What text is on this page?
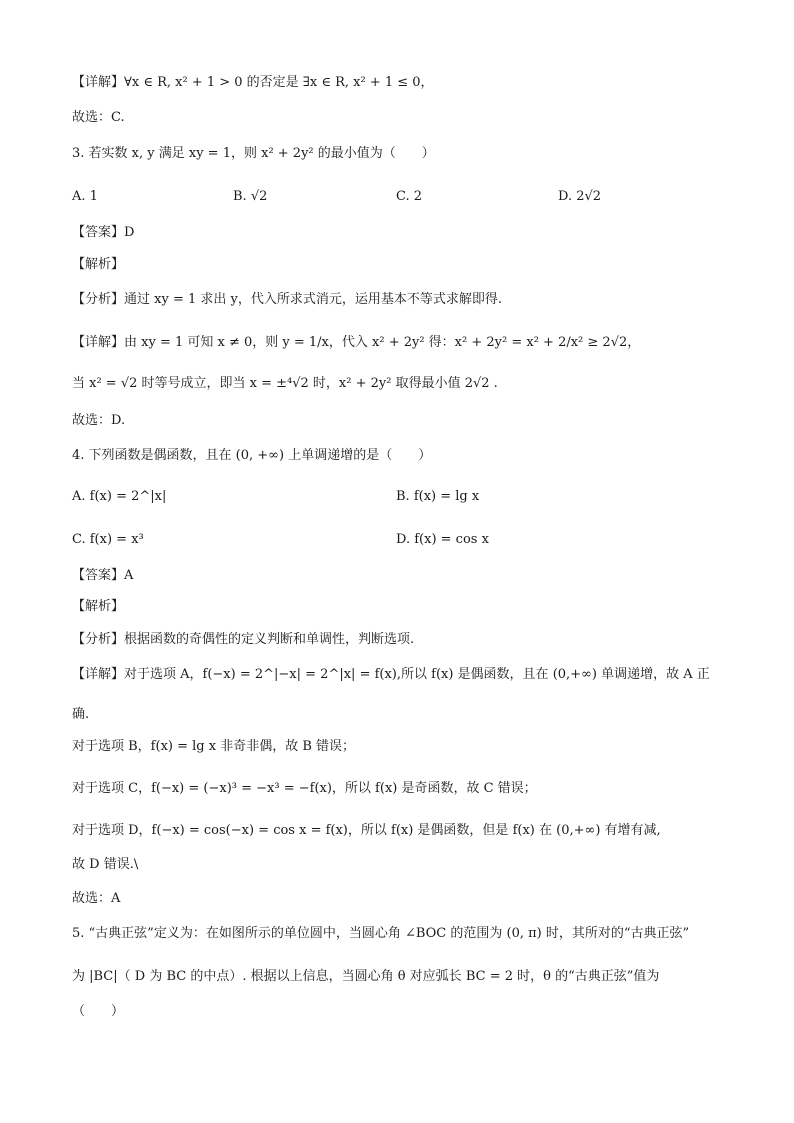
【详解】∀x ∈ R, x² + 1 > 0 的否定是 ∃x ∈ R, x² + 1 ≤ 0，
故选：C.
3. 若实数 x, y 满足 xy = 1，则 x² + 2y² 的最小值为（　　）
A. 1	B. √2	C. 2	D. 2√2
【答案】D
【解析】
【分析】通过 xy = 1 求出 y，代入所求式消元，运用基本不等式求解即得.
【详解】由 xy = 1 可知 x ≠ 0，则 y = 1/x，代入 x² + 2y² 得：x² + 2y² = x² + 2/x² ≥ 2√2，
当 x² = √2 时等号成立，即当 x = ±⁴√2 时，x² + 2y² 取得最小值 2√2 .
故选：D.
4. 下列函数是偶函数，且在 (0, +∞) 上单调递增的是（　　）
A. f(x) = 2^|x|	B. f(x) = lg x
C. f(x) = x³	D. f(x) = cos x
【答案】A
【解析】
【分析】根据函数的奇偶性的定义判断和单调性，判断选项.
【详解】对于选项 A，f(−x) = 2^|−x| = 2^|x| = f(x),所以 f(x) 是偶函数，且在 (0,+∞) 单调递增，故 A 正
确.
对于选项 B，f(x) = lg x 非奇非偶，故 B 错误；
对于选项 C，f(−x) = (−x)³ = −x³ = −f(x)，所以 f(x) 是奇函数，故 C 错误；
对于选项 D，f(−x) = cos(−x) = cos x = f(x)，所以 f(x) 是偶函数，但是 f(x) 在 (0,+∞) 有增有减,
故 D 错误.\
故选：A
5. “古典正弦”定义为：在如图所示的单位圆中，当圆心角 ∠BOC 的范围为 (0, π) 时，其所对的“古典正弦”
为 |BC|（ D 为 BC 的中点）. 根据以上信息，当圆心角 θ 对应弧长 BC = 2 时，θ 的“古典正弦”值为
（　　）
